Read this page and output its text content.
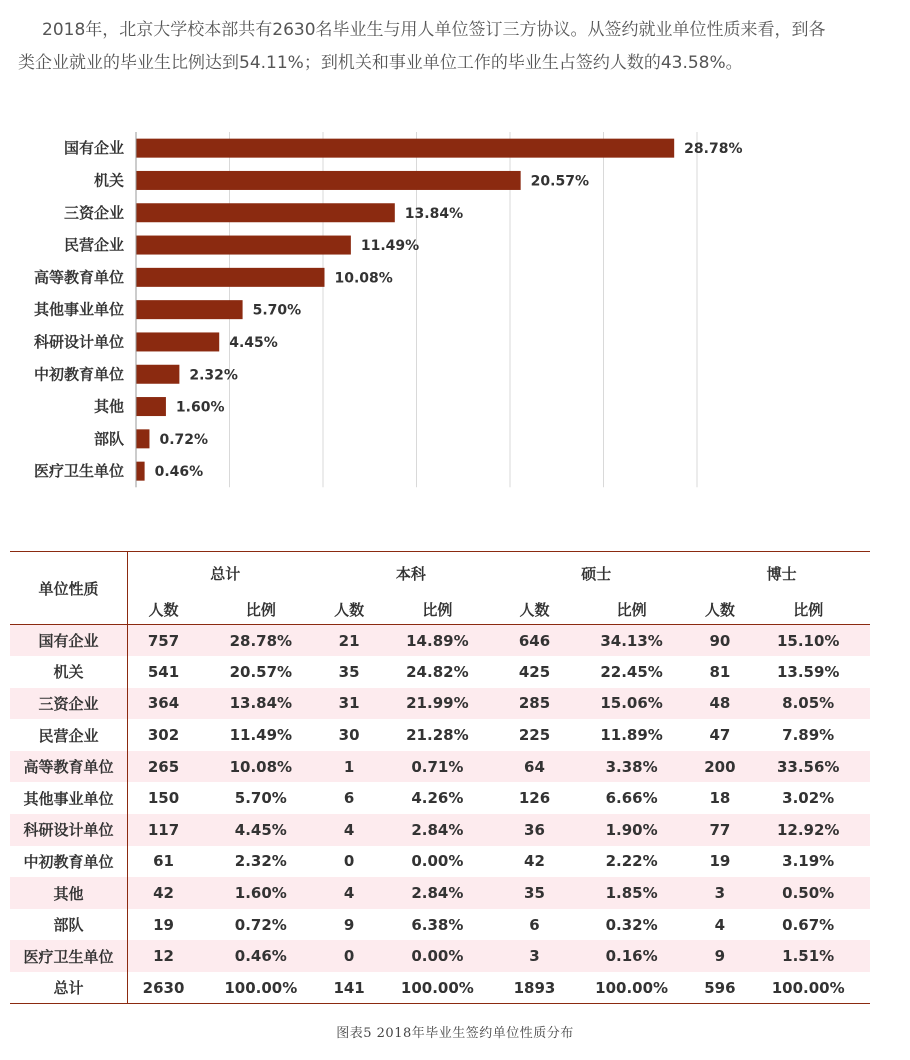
2018年，北京大学校本部共有2630名毕业生与用人单位签订三方协议。从签约就业单位性质来看，到各

类企业就业的毕业生比例达到54.11%；到机关和事业单位工作的毕业生占签约人数的43.58%。

国有企业	28.78%
机关	20.57%
三资企业	13.84%
民营企业	11.49%
高等教育单位	10.08%
其他事业单位	5.70%
科研设计单位	4.45%
中初教育单位	2.32%
其他	1.60%
部队	0.72%
医疗卫生单位 0.46%
单位性质	总计		本科		硕士		博士	
	人数	比例	人数	比例	人数	比例	人数	比例
国有企业	757	28.78%	21	14.89%	646	34.13%	90	15.10%
机关	541	20.57%	35	24.82%	425	22.45%	81	13.59%
三资企业	364	13.84%	31	21.99%	285	15.06%	48	8.05%
民营企业	302	11.49%	30	21.28%	225	11.89%	47	7.89%
高等教育单位	265	10.08%	1	0.71%	64	3.38%	200	33.56%
其他事业单位	150	5.70%	6	4.26%	126	6.66%	18	3.02%
科研设计单位	117	4.45%	4	2.84%	36	1.90%	77	12.92%
中初教育单位	61	2.32%	0	0.00%	42	2.22%	19	3.19%
其他	42	1.60%	4	2.84%	35	1.85%	3	0.50%
部队	19	0.72%	9	6.38%	6	0.32%	4	0.67%
医疗卫生单位	12	0.46%	0	0.00%	3	0.16%	9	1.51%
总计	2630	100.00%	141	100.00%	1893	100.00%	596	100.00%
图表5 2018年毕业生签约单位性质分布
